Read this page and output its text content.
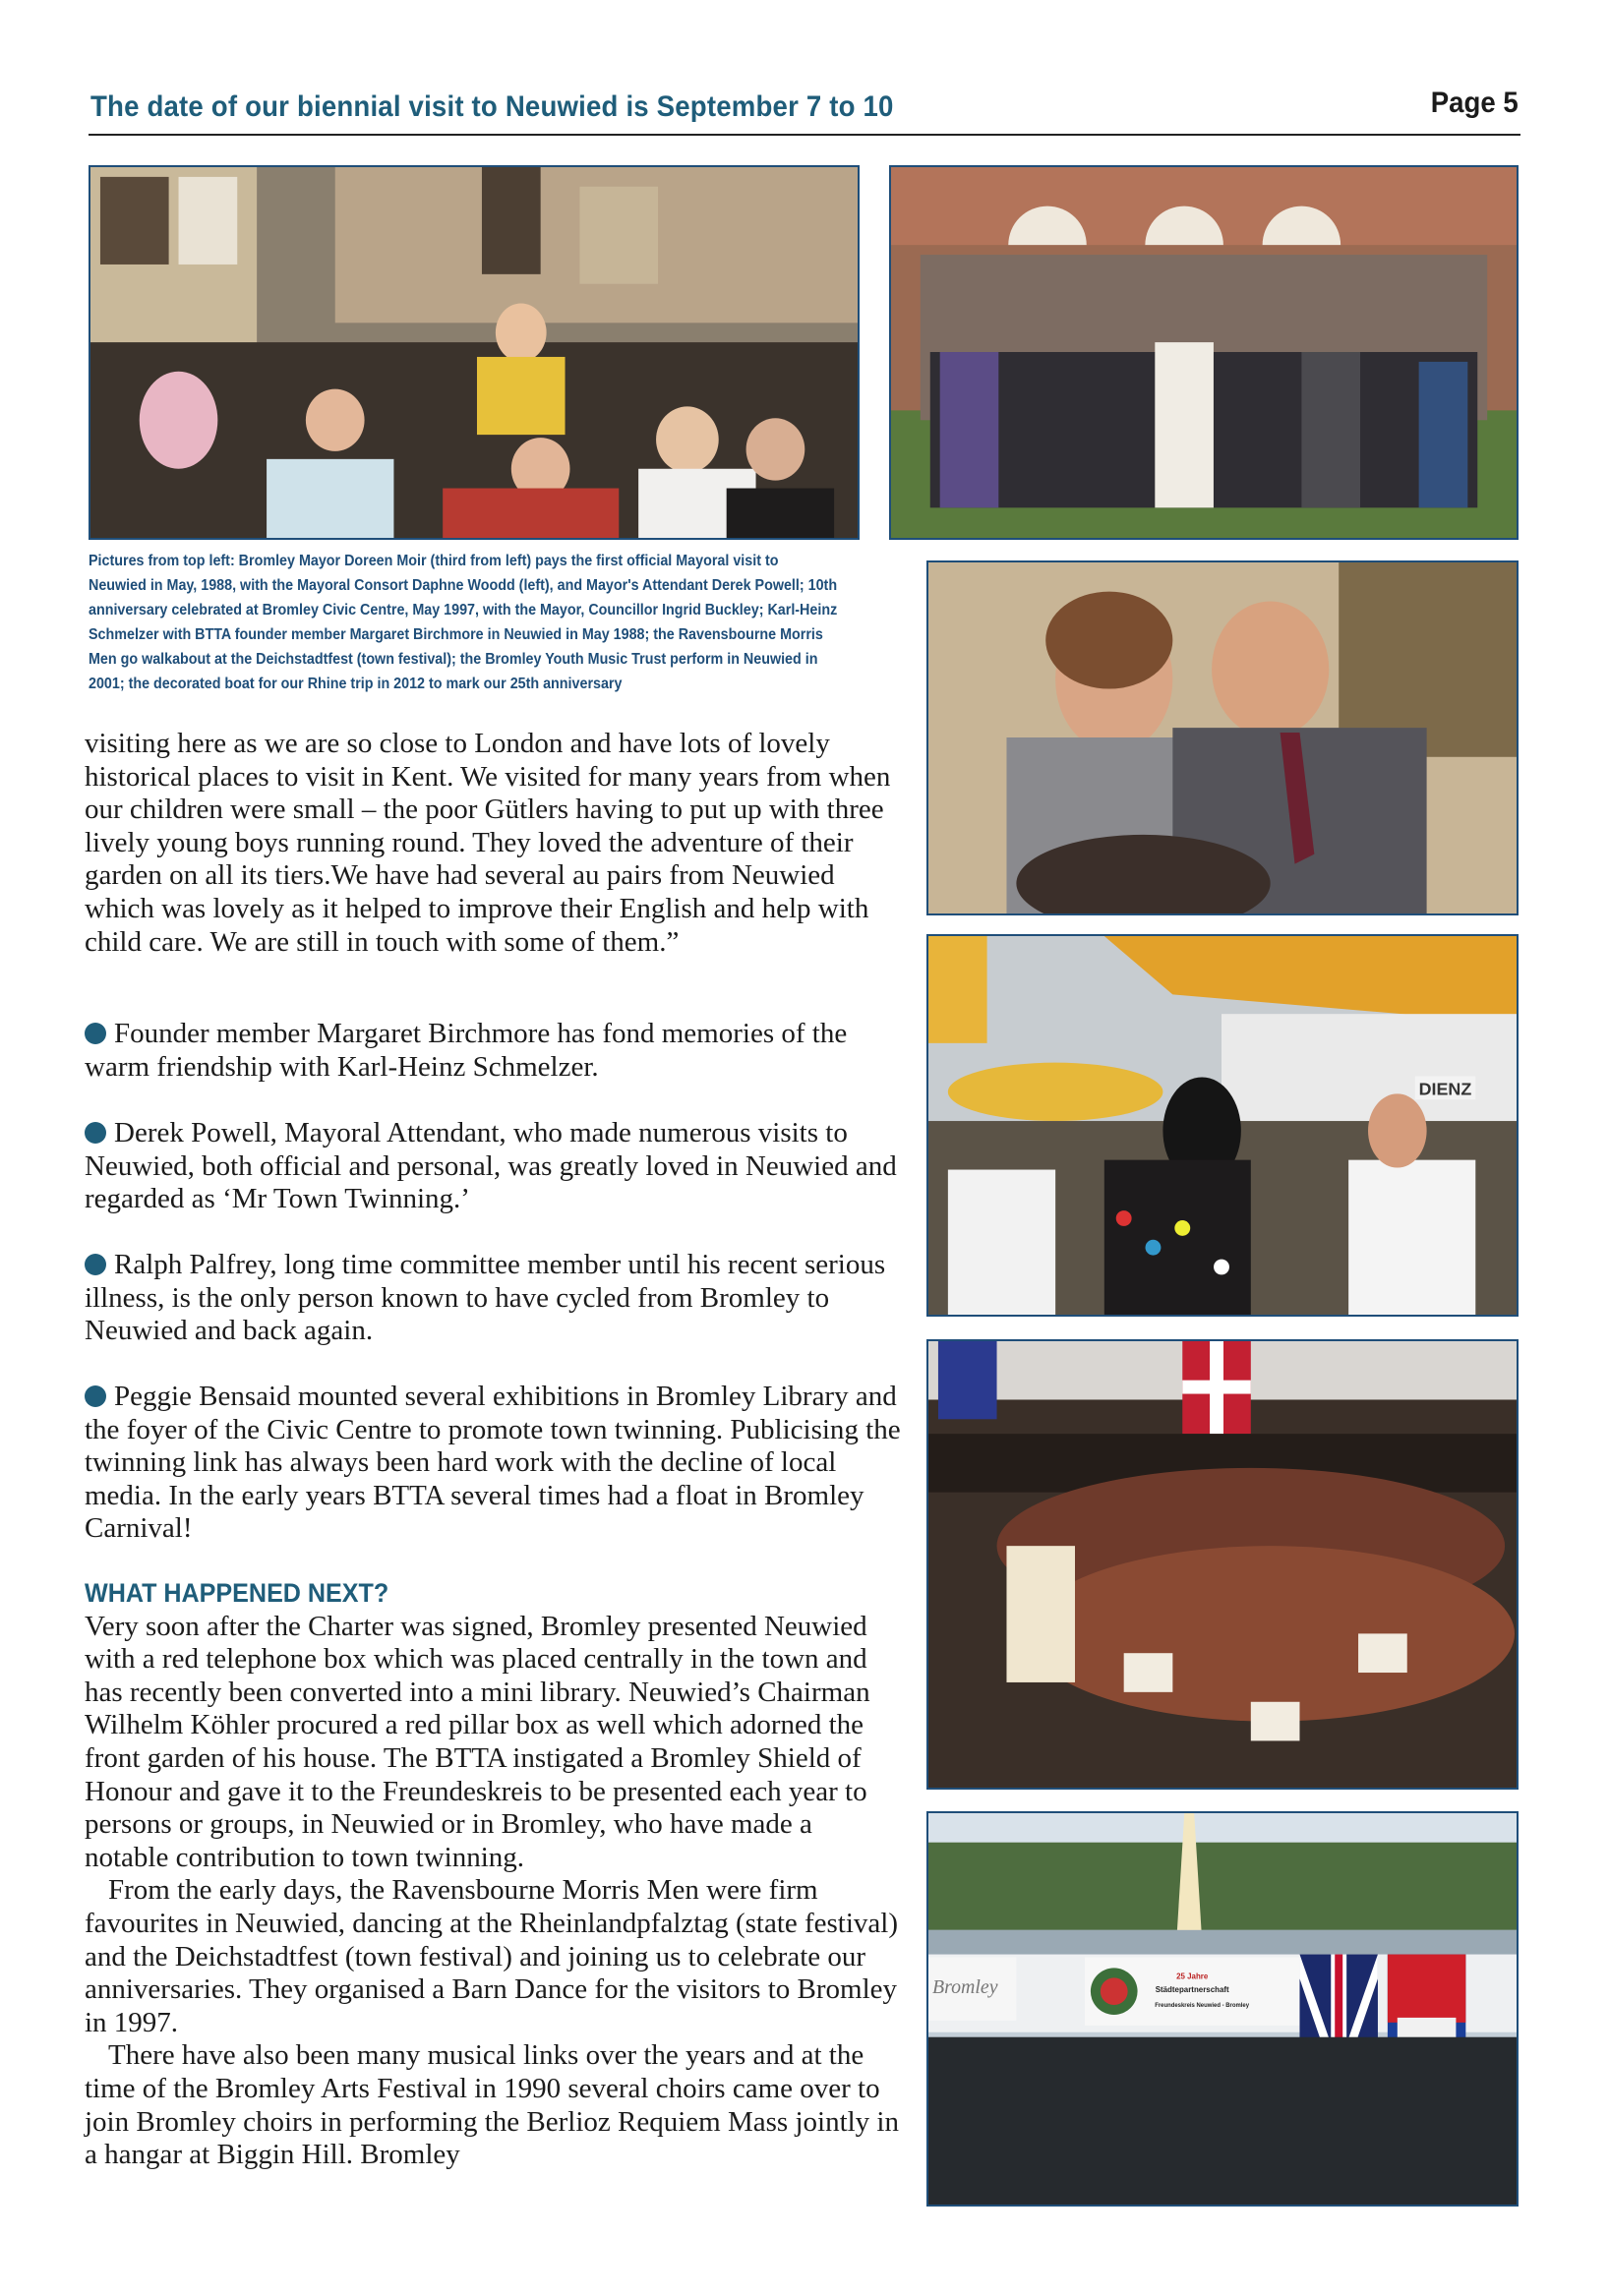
The date of our biennial visit to Neuwied is September 7 to 10	Page 5

Pictures from top left: Bromley Mayor Doreen Moir (third from left) pays the first official Mayoral visit to Neuwied in May, 1988, with the Mayoral Consort Daphne Woodd (left), and Mayor's Attendant Derek Powell; 10th anniversary celebrated at Bromley Civic Centre, May 1997, with the Mayor, Councillor Ingrid Buckley; Karl-Heinz Schmelzer with BTTA founder member Margaret Birchmore in Neuwied in May 1988; the Ravensbourne Morris Men go walkabout at the Deichstadtfest (town festival); the Bromley Youth Music Trust perform in Neuwied in 2001; the decorated boat for our Rhine trip in 2012 to mark our 25th anniversary

DIENZ
Bromley
25 Jahre
Städtepartnerschaft
Freundeskreis Neuwied - Bromley

visiting here as we are so close to London and have lots of lovely historical places to visit in Kent. We visited for many years from when our children were small – the poor Gütlers having to put up with three lively young boys running round. They loved the adventure of their garden on all its tiers.We have had several au pairs from Neuwied which was lovely as it helped to improve their English and help with child care. We are still in touch with some of them.”

Founder member Margaret Birchmore has fond memories of the warm friendship with Karl-Heinz Schmelzer.

Derek Powell, Mayoral Attendant, who made numerous visits to Neuwied, both official and personal, was greatly loved in Neuwied and regarded as ‘Mr Town Twinning.’

Ralph Palfrey, long time committee member until his recent serious illness, is the only person known to have cycled from Bromley to Neuwied and back again.

Peggie Bensaid mounted several exhibitions in Bromley Library and the foyer of the Civic Centre to promote town twinning. Publicising the twinning link has always been hard work with the decline of local media. In the early years BTTA several times had a float in Bromley Carnival!

WHAT HAPPENED NEXT?

Very soon after the Charter was signed, Bromley presented Neuwied with a red telephone box which was placed centrally in the town and has recently been converted into a mini library. Neuwied’s Chairman Wilhelm Köhler procured a red pillar box as well which adorned the front garden of his house. The BTTA instigated a Bromley Shield of Honour and gave it to the Freundeskreis to be presented each year to persons or groups, in Neuwied or in Bromley, who have made a notable contribution to town twinning.

From the early days, the Ravensbourne Morris Men were firm favourites in Neuwied, dancing at the Rheinlandpfalztag (state festival) and the Deichstadtfest (town festival) and joining us to celebrate our anniversaries. They organised a Barn Dance for the visitors to Bromley in 1997.

There have also been many musical links over the years and at the time of the Bromley Arts Festival in 1990 several choirs came over to join Bromley choirs in performing the Berlioz Requiem Mass jointly in a hangar at Biggin Hill. Bromley
